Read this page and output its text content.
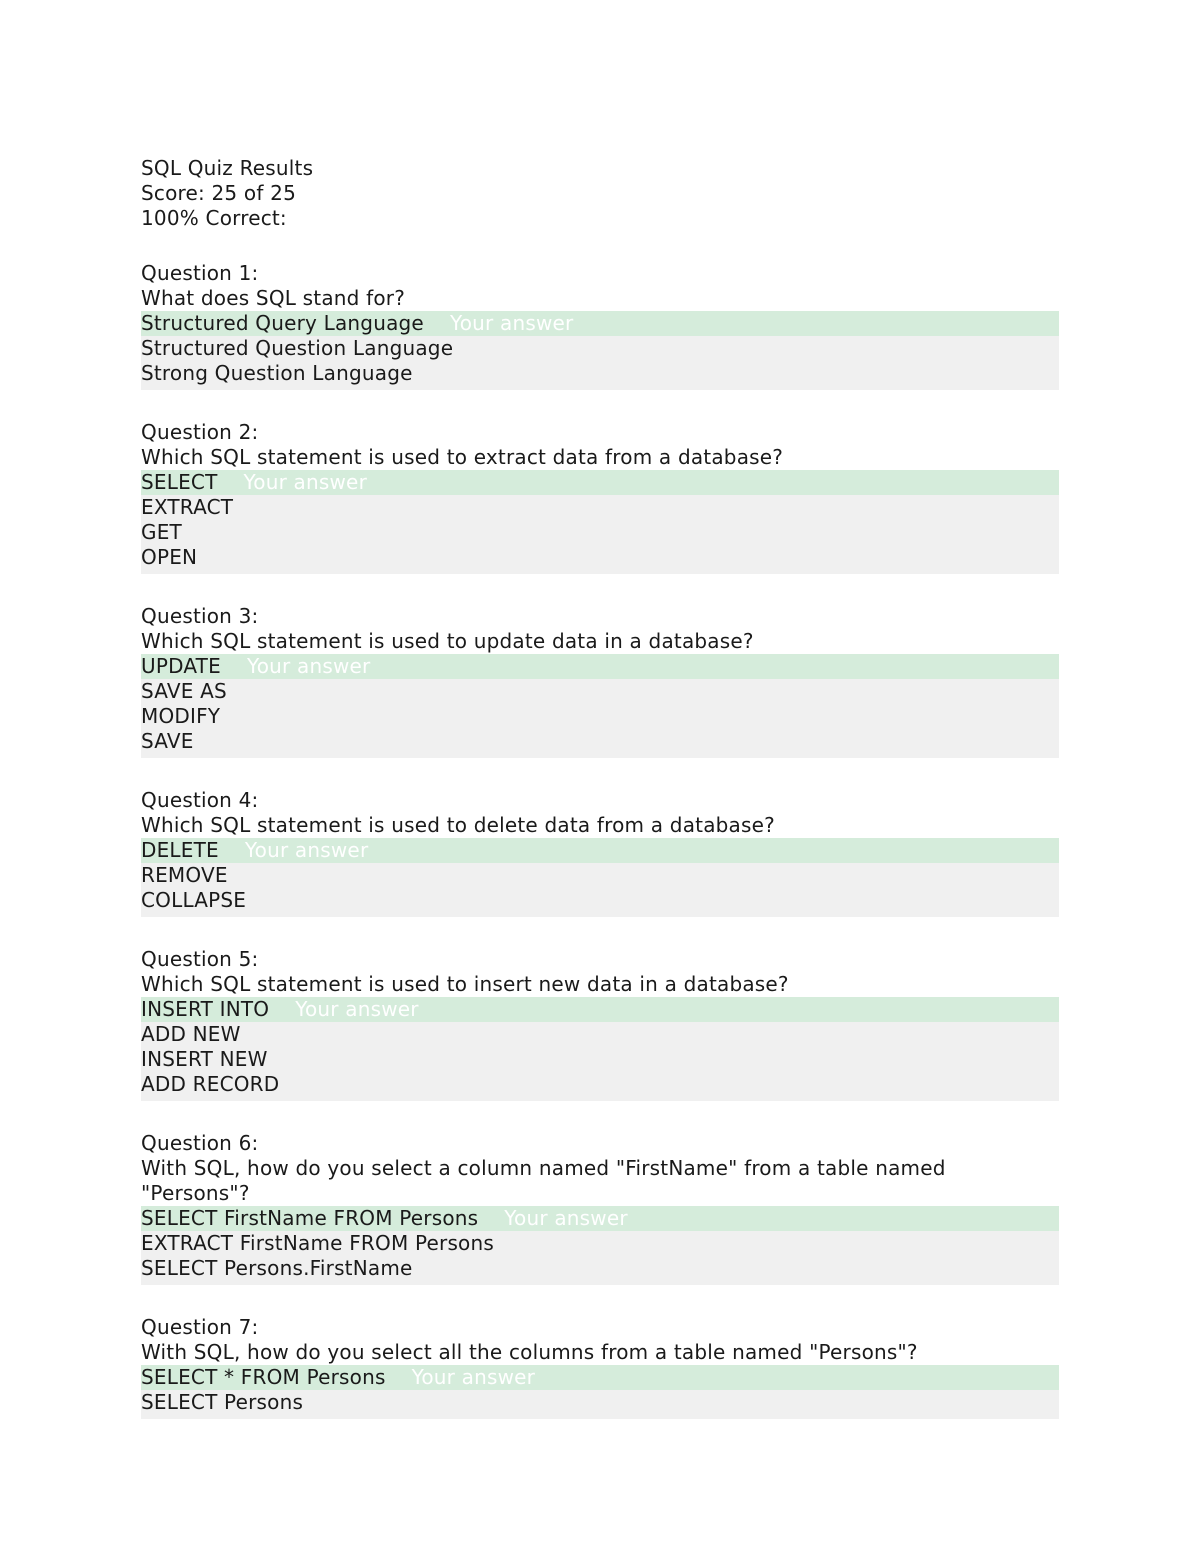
SQL Quiz Results
Score: 25 of 25
100% Correct:
Question 1:
What does SQL stand for?
Structured Query Language Your answer
Structured Question Language
Strong Question Language
Question 2:
Which SQL statement is used to extract data from a database?
SELECT Your answer
EXTRACT
GET
OPEN
Question 3:
Which SQL statement is used to update data in a database?
UPDATE Your answer
SAVE AS
MODIFY
SAVE
Question 4:
Which SQL statement is used to delete data from a database?
DELETE Your answer
REMOVE
COLLAPSE
Question 5:
Which SQL statement is used to insert new data in a database?
INSERT INTO Your answer
ADD NEW
INSERT NEW
ADD RECORD
Question 6:
With SQL, how do you select a column named "FirstName" from a table named "Persons"?
SELECT FirstName FROM Persons Your answer
EXTRACT FirstName FROM Persons
SELECT Persons.FirstName
Question 7:
With SQL, how do you select all the columns from a table named "Persons"?
SELECT * FROM Persons Your answer
SELECT Persons
